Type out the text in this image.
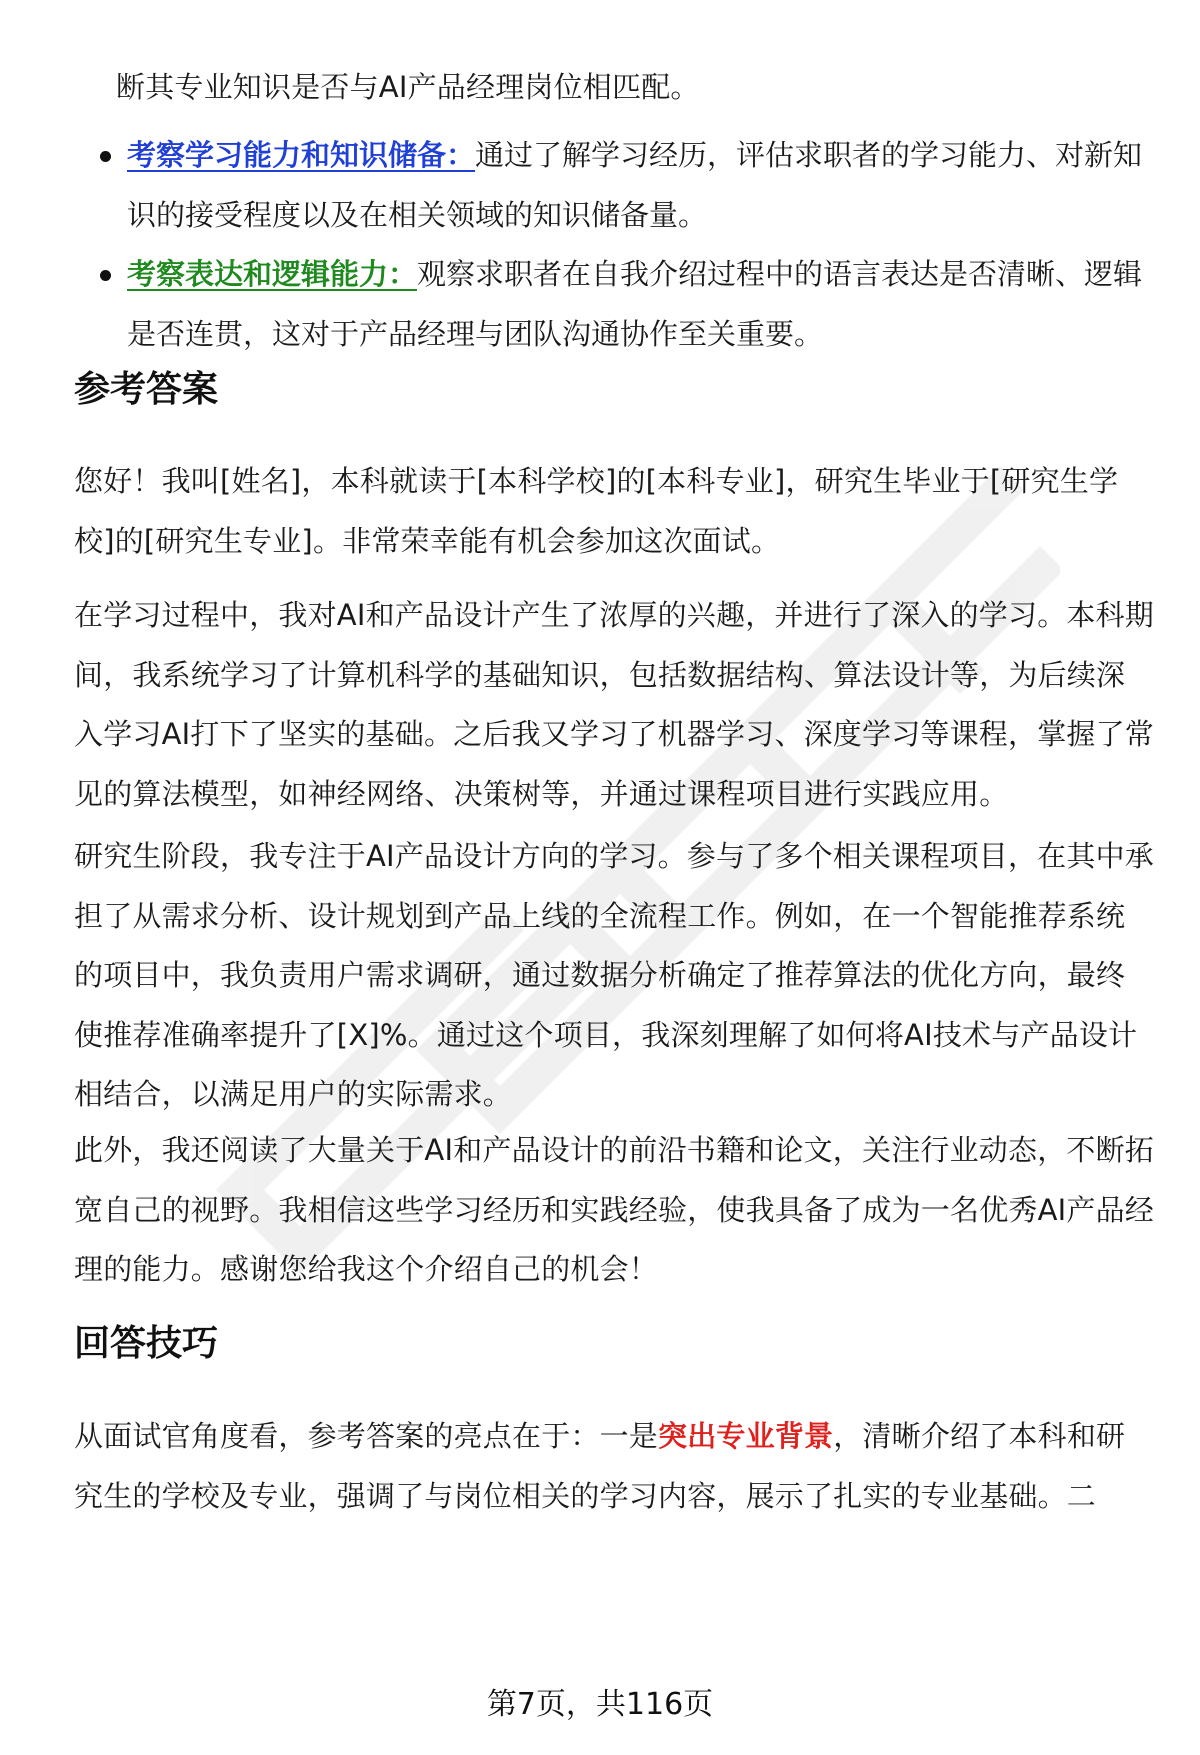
断其专业知识是否与AI产品经理岗位相匹配。
考察学习能力和知识储备：通过了解学习经历，评估求职者的学习能力、对新知识的接受程度以及在相关领域的知识储备量。
考察表达和逻辑能力：观察求职者在自我介绍过程中的语言表达是否清晰、逻辑是否连贯，这对于产品经理与团队沟通协作至关重要。
参考答案
您好！我叫[姓名]，本科就读于[本科学校]的[本科专业]，研究生毕业于[研究生学校]的[研究生专业]。非常荣幸能有机会参加这次面试。
在学习过程中，我对AI和产品设计产生了浓厚的兴趣，并进行了深入的学习。本科期间，我系统学习了计算机科学的基础知识，包括数据结构、算法设计等，为后续深入学习AI打下了坚实的基础。之后我又学习了机器学习、深度学习等课程，掌握了常见的算法模型，如神经网络、决策树等，并通过课程项目进行实践应用。
研究生阶段，我专注于AI产品设计方向的学习。参与了多个相关课程项目，在其中承担了从需求分析、设计规划到产品上线的全流程工作。例如，在一个智能推荐系统的项目中，我负责用户需求调研，通过数据分析确定了推荐算法的优化方向，最终使推荐准确率提升了[X]%。通过这个项目，我深刻理解了如何将AI技术与产品设计相结合，以满足用户的实际需求。
此外，我还阅读了大量关于AI和产品设计的前沿书籍和论文，关注行业动态，不断拓宽自己的视野。我相信这些学习经历和实践经验，使我具备了成为一名优秀AI产品经理的能力。感谢您给我这个介绍自己的机会！
回答技巧
从面试官角度看，参考答案的亮点在于：一是突出专业背景，清晰介绍了本科和研究生的学校及专业，强调了与岗位相关的学习内容，展示了扎实的专业基础。二
第7页，共116页
